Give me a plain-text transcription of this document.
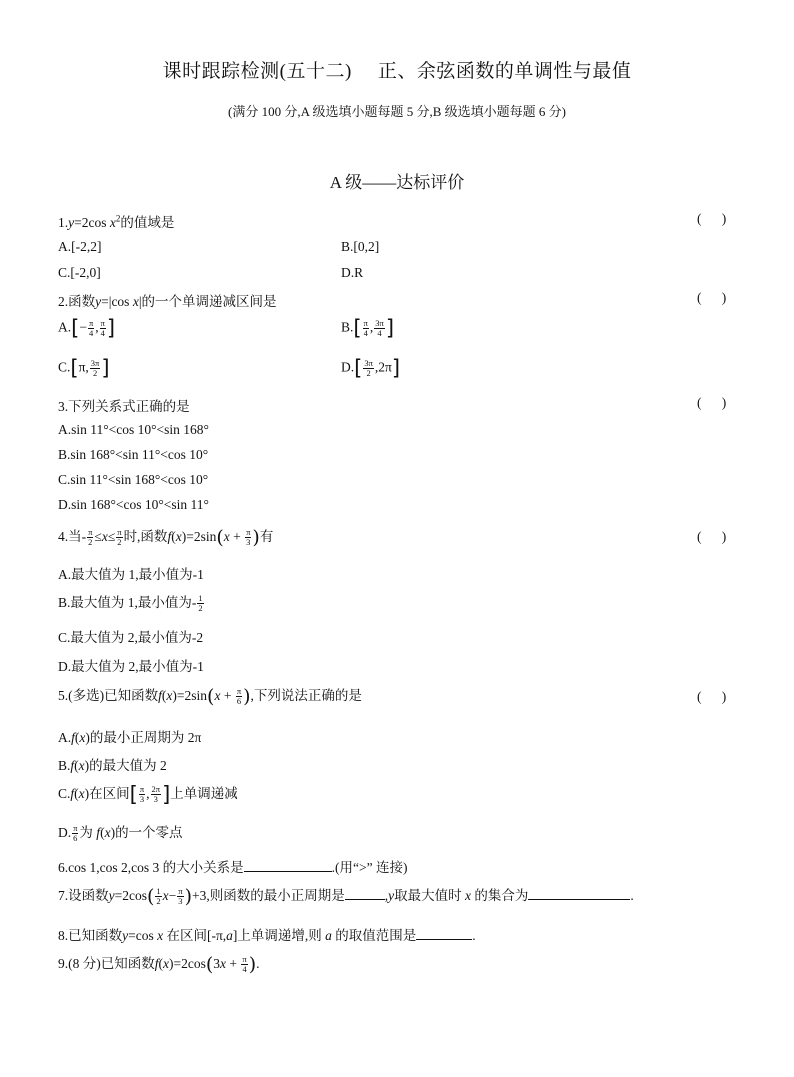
课时跟踪检测(五十二) 正、余弦函数的单调性与最值
(满分 100 分,A 级选填小题每题 5 分,B 级选填小题每题 6 分)
A 级——达标评价
1.y=2cos $x^2$的值域是	(      )
A.[-2,2]	B.[0,2]
C.[-2,0]	D.R
2.函数y=|cos x|的一个单调递减区间是	(      )
$A.[- \frac{\pi}{4}$ , $\frac{\pi}{4}$ ]	$B.[ \frac{\pi}{4}$ , $\frac{3\pi}{4}$ ]
C.[π, $\frac{3\pi}{2}$ ]	$D.[ \frac{3\pi}{2} ,2\pi]$
3.下列关系式正确的是	(      )
A.sin 11°<cos 10°<sin 168°
B.sin 168°<sin 11°<cos 10°
C.sin 11°<sin 168°<cos 10°
D.sin 168°<cos 10°<sin 11°
4.当- $\frac{\pi}{2} \le x\le \frac{\pi}{2}$ 时,函数$f(x)=2\sin(x + \frac{\pi}{3}$ )有	(      )
A.最大值为 1,最小值为-1
B.最大值为 1,最小值为- $\frac{1}{2}$
C.最大值为 2,最小值为-2
D.最大值为 2,最小值为-1
5.(多选)已知函数$f(x)=2\sin(x + \frac{\pi}{6}$ ),下列说法正确的是	(      )
A.f(x)的最小正周期为 2π
B.f(x)的最大值为 2
C.f(x)在区间[ $\frac{\pi}{3}$ , $\frac{2\pi}{3}$ ]上单调递减
D. $\frac{\pi}{6}$ 为 f(x)的一个零点
6.cos 1,cos 2,cos 3 的大小关系是	.(用“>” 连接)
7.设函数$y=2\cos( \frac{1}{2} x- \frac{\pi}{3} )+3$,则函数的最小正周期是	,y取最大值时 x 的集合为	.
8.已知函数y=cos x 在区间[-π,a]上单调递增,则 a 的取值范围是	.
9.(8 分)已知函数$f(x)=2\cos(3x + \frac{\pi}{4}$ ).
